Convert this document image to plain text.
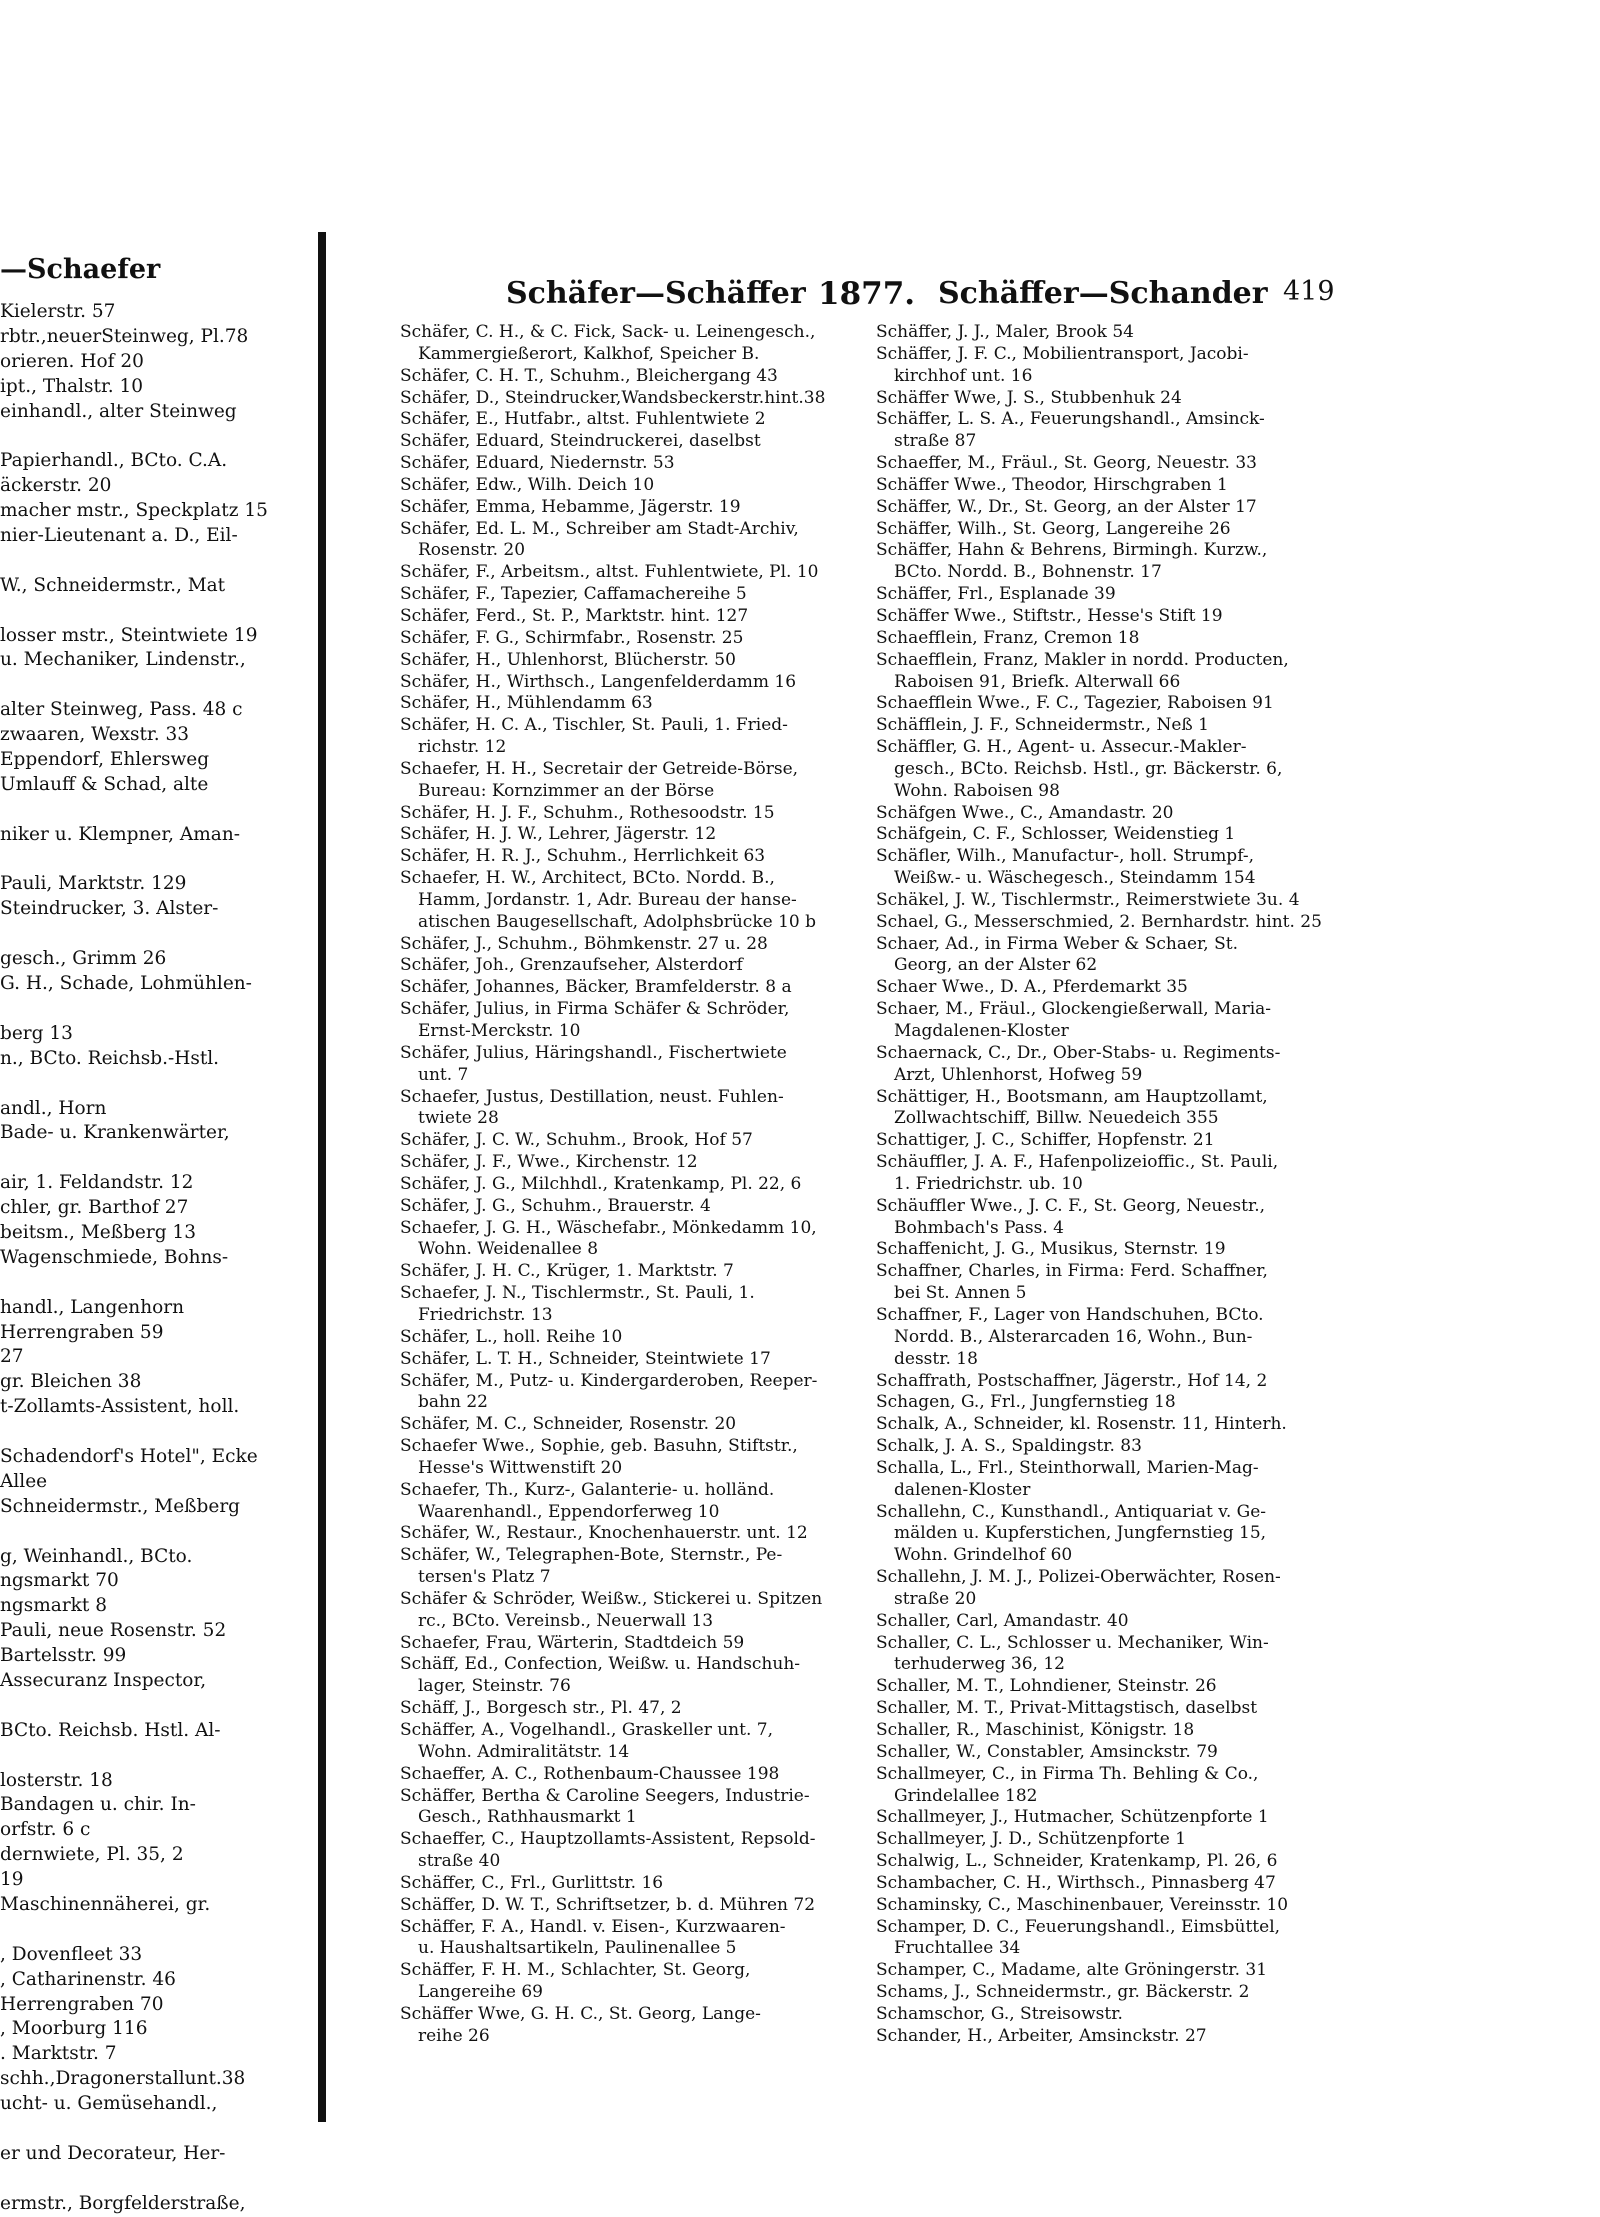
—Schaefer
Kielerstr. 57
rbtr.,neuerSteinweg, Pl.78
orieren. Hof 20
ipt., Thalstr. 10
einhandl., alter Steinweg
Papierhandl., BCto. C.A.
äckerstr. 20
macher mstr., Speckplatz 15
nier-Lieutenant a. D., Eil-
W., Schneidermstr., Mat
losser mstr., Steintwiete 19
u. Mechaniker, Lindenstr.,
alter Steinweg, Pass. 48 c
zwaaren, Wexstr. 33
Eppendorf, Ehlersweg
Umlauff & Schad, alte
niker u. Klempner, Aman-
Pauli, Marktstr. 129
Steindrucker, 3. Alster-
gesch., Grimm 26
G. H., Schade, Lohmühlen-
berg 13
n., BCto. Reichsb.-Hstl.
andl., Horn
Bade- u. Krankenwärter,
air, 1. Feldandstr. 12
chler, gr. Barthof 27
beitsm., Meßberg 13
Wagenschmiede, Bohns-
handl., Langenhorn
Herrengraben 59
27
gr. Bleichen 38
t-Zollamts-Assistent, holl.
Schadendorf's Hotel", Ecke
Allee
Schneidermstr., Meßberg
g, Weinhandl., BCto.
ngsmarkt 70
ngsmarkt 8
Pauli, neue Rosenstr. 52
Bartelsstr. 99
Assecuranz Inspector,
BCto. Reichsb. Hstl. Al-
losterstr. 18
Bandagen u. chir. In-
orfstr. 6 c
dernwiete, Pl. 35, 2
19
Maschinennäherei, gr.
, Dovenfleet 33
, Catharinenstr. 46
Herrengraben 70
, Moorburg 116
. Marktstr. 7
schh.,Dragonerstallunt.38
ucht- u. Gemüsehandl.,
er und Decorateur, Her-
ermstr., Borgfelderstraße,
Schäfer—Schäffer 1877. Schäffer—Schander 419
Schäfer, C. H., & C. Fick, Sack- u. Leinengesch.,
Kammergießerort, Kalkhof, Speicher B.
Schäfer, C. H. T., Schuhm., Bleichergang 43
Schäfer, D., Steindrucker,Wandsbeckerstr.hint.38
Schäfer, E., Hutfabr., altst. Fuhlentwiete 2
Schäfer, Eduard, Steindruckerei, daselbst
Schäfer, Eduard, Niedernstr. 53
Schäfer, Edw., Wilh. Deich 10
Schäfer, Emma, Hebamme, Jägerstr. 19
Schäfer, Ed. L. M., Schreiber am Stadt-Archiv,
Rosenstr. 20
Schäfer, F., Arbeitsm., altst. Fuhlentwiete, Pl. 10
Schäfer, F., Tapezier, Caffamachereihe 5
Schäfer, Ferd., St. P., Marktstr. hint. 127
Schäfer, F. G., Schirmfabr., Rosenstr. 25
Schäfer, H., Uhlenhorst, Blücherstr. 50
Schäfer, H., Wirthsch., Langenfelderdamm 16
Schäfer, H., Mühlendamm 63
Schäfer, H. C. A., Tischler, St. Pauli, 1. Fried-
richstr. 12
Schaefer, H. H., Secretair der Getreide-Börse,
Bureau: Kornzimmer an der Börse
Schäfer, H. J. F., Schuhm., Rothesoodstr. 15
Schäfer, H. J. W., Lehrer, Jägerstr. 12
Schäfer, H. R. J., Schuhm., Herrlichkeit 63
Schaefer, H. W., Architect, BCto. Nordd. B.,
Hamm, Jordanstr. 1, Adr. Bureau der hanse-
atischen Baugesellschaft, Adolphsbrücke 10 b
Schäfer, J., Schuhm., Böhmkenstr. 27 u. 28
Schäfer, Joh., Grenzaufseher, Alsterdorf
Schäfer, Johannes, Bäcker, Bramfelderstr. 8 a
Schäfer, Julius, in Firma Schäfer & Schröder,
Ernst-Merckstr. 10
Schäfer, Julius, Häringshandl., Fischertwiete
unt. 7
Schaefer, Justus, Destillation, neust. Fuhlen-
twiete 28
Schäfer, J. C. W., Schuhm., Brook, Hof 57
Schäfer, J. F., Wwe., Kirchenstr. 12
Schäfer, J. G., Milchhdl., Kratenkamp, Pl. 22, 6
Schäfer, J. G., Schuhm., Brauerstr. 4
Schaefer, J. G. H., Wäschefabr., Mönkedamm 10,
Wohn. Weidenallee 8
Schäfer, J. H. C., Krüger, 1. Marktstr. 7
Schaefer, J. N., Tischlermstr., St. Pauli, 1.
Friedrichstr. 13
Schäfer, L., holl. Reihe 10
Schäfer, L. T. H., Schneider, Steintwiete 17
Schäfer, M., Putz- u. Kindergarderoben, Reeper-
bahn 22
Schäfer, M. C., Schneider, Rosenstr. 20
Schaefer Wwe., Sophie, geb. Basuhn, Stiftstr.,
Hesse's Wittwenstift 20
Schaefer, Th., Kurz-, Galanterie- u. holländ.
Waarenhandl., Eppendorferweg 10
Schäfer, W., Restaur., Knochenhauerstr. unt. 12
Schäfer, W., Telegraphen-Bote, Sternstr., Pe-
tersen's Platz 7
Schäfer & Schröder, Weißw., Stickerei u. Spitzen
rc., BCto. Vereinsb., Neuerwall 13
Schaefer, Frau, Wärterin, Stadtdeich 59
Schäff, Ed., Confection, Weißw. u. Handschuh-
lager, Steinstr. 76
Schäff, J., Borgesch str., Pl. 47, 2
Schäffer, A., Vogelhandl., Graskeller unt. 7,
Wohn. Admiralitätstr. 14
Schaeffer, A. C., Rothenbaum-Chaussee 198
Schäffer, Bertha & Caroline Seegers, Industrie-
Gesch., Rathhausmarkt 1
Schaeffer, C., Hauptzollamts-Assistent, Repsold-
straße 40
Schäffer, C., Frl., Gurlittstr. 16
Schäffer, D. W. T., Schriftsetzer, b. d. Mühren 72
Schäffer, F. A., Handl. v. Eisen-, Kurzwaaren-
u. Haushaltsartikeln, Paulinenallee 5
Schäffer, F. H. M., Schlachter, St. Georg,
Langereihe 69
Schäffer Wwe, G. H. C., St. Georg, Lange-
reihe 26
Schäffer, J. J., Maler, Brook 54
Schäffer, J. F. C., Mobilientransport, Jacobi-
kirchhof unt. 16
Schäffer Wwe, J. S., Stubbenhuk 24
Schäffer, L. S. A., Feuerungshandl., Amsinck-
straße 87
Schaeffer, M., Fräul., St. Georg, Neuestr. 33
Schäffer Wwe., Theodor, Hirschgraben 1
Schäffer, W., Dr., St. Georg, an der Alster 17
Schäffer, Wilh., St. Georg, Langereihe 26
Schäffer, Hahn & Behrens, Birmingh. Kurzw.,
BCto. Nordd. B., Bohnenstr. 17
Schäffer, Frl., Esplanade 39
Schäffer Wwe., Stiftstr., Hesse's Stift 19
Schaefflein, Franz, Cremon 18
Schaefflein, Franz, Makler in nordd. Producten,
Raboisen 91, Briefk. Alterwall 66
Schaefflein Wwe., F. C., Tagezier, Raboisen 91
Schäfflein, J. F., Schneidermstr., Neß 1
Schäffler, G. H., Agent- u. Assecur.-Makler-
gesch., BCto. Reichsb. Hstl., gr. Bäckerstr. 6,
Wohn. Raboisen 98
Schäfgen Wwe., C., Amandastr. 20
Schäfgein, C. F., Schlosser, Weidenstieg 1
Schäfler, Wilh., Manufactur-, holl. Strumpf-,
Weißw.- u. Wäschegesch., Steindamm 154
Schäkel, J. W., Tischlermstr., Reimerstwiete 3u. 4
Schael, G., Messerschmied, 2. Bernhardstr. hint. 25
Schaer, Ad., in Firma Weber & Schaer, St.
Georg, an der Alster 62
Schaer Wwe., D. A., Pferdemarkt 35
Schaer, M., Fräul., Glockengießerwall, Maria-
Magdalenen-Kloster
Schaernack, C., Dr., Ober-Stabs- u. Regiments-
Arzt, Uhlenhorst, Hofweg 59
Schättiger, H., Bootsmann, am Hauptzollamt,
Zollwachtschiff, Billw. Neuedeich 355
Schattiger, J. C., Schiffer, Hopfenstr. 21
Schäuffler, J. A. F., Hafenpolizeioffic., St. Pauli,
1. Friedrichstr. ub. 10
Schäuffler Wwe., J. C. F., St. Georg, Neuestr.,
Bohmbach's Pass. 4
Schaffenicht, J. G., Musikus, Sternstr. 19
Schaffner, Charles, in Firma: Ferd. Schaffner,
bei St. Annen 5
Schaffner, F., Lager von Handschuhen, BCto.
Nordd. B., Alsterarcaden 16, Wohn., Bun-
desstr. 18
Schaffrath, Postschaffner, Jägerstr., Hof 14, 2
Schagen, G., Frl., Jungfernstieg 18
Schalk, A., Schneider, kl. Rosenstr. 11, Hinterh.
Schalk, J. A. S., Spaldingstr. 83
Schalla, L., Frl., Steinthorwall, Marien-Mag-
dalenen-Kloster
Schallehn, C., Kunsthandl., Antiquariat v. Ge-
mälden u. Kupferstichen, Jungfernstieg 15,
Wohn. Grindelhof 60
Schallehn, J. M. J., Polizei-Oberwächter, Rosen-
straße 20
Schaller, Carl, Amandastr. 40
Schaller, C. L., Schlosser u. Mechaniker, Win-
terhuderweg 36, 12
Schaller, M. T., Lohndiener, Steinstr. 26
Schaller, M. T., Privat-Mittagstisch, daselbst
Schaller, R., Maschinist, Königstr. 18
Schaller, W., Constabler, Amsinckstr. 79
Schallmeyer, C., in Firma Th. Behling & Co.,
Grindelallee 182
Schallmeyer, J., Hutmacher, Schützenpforte 1
Schallmeyer, J. D., Schützenpforte 1
Schalwig, L., Schneider, Kratenkamp, Pl. 26, 6
Schambacher, C. H., Wirthsch., Pinnasberg 47
Schaminsky, C., Maschinenbauer, Vereinsstr. 10
Schamper, D. C., Feuerungshandl., Eimsbüttel,
Fruchtallee 34
Schamper, C., Madame, alte Gröningerstr. 31
Schams, J., Schneidermstr., gr. Bäckerstr. 2
Schamschor, G., Streisowstr.
Schander, H., Arbeiter, Amsinckstr. 27
